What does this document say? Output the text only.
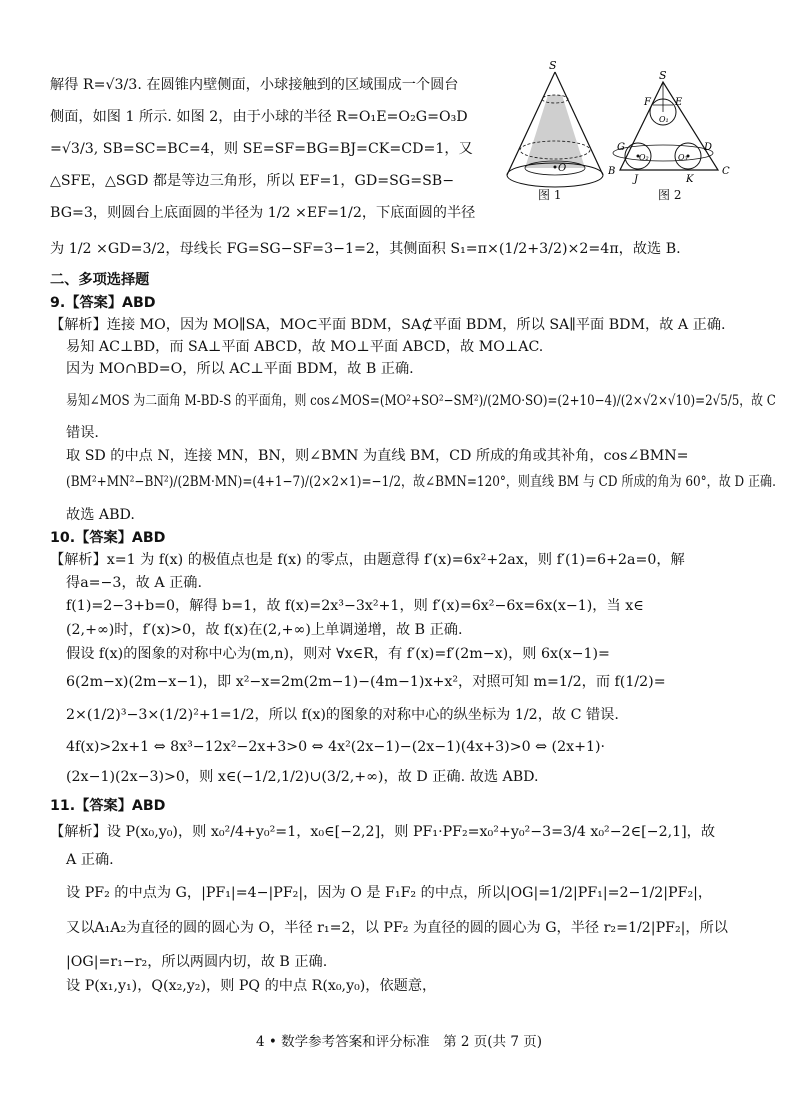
S
O
S
F E
O₁
G	D
O₂	O₃
B
J	K
C
图 1	图 2
解得 R=√3/3. 在圆锥内壁侧面，小球接触到的区域围成一个圆台
侧面，如图 1 所示. 如图 2，由于小球的半径 R=O₁E=O₂G=O₃D
=√3/3, SB=SC=BC=4，则 SE=SF=BG=BJ=CK=CD=1，又
△SFE，△SGD 都是等边三角形，所以 EF=1，GD=SG=SB−
BG=3，则圆台上底面圆的半径为 1/2 ×EF=1/2，下底面圆的半径
为 1/2 ×GD=3/2，母线长 FG=SG−SF=3−1=2，其侧面积 S₁=π×(1/2+3/2)×2=4π，故选 B.
二、多项选择题
9.【答案】ABD
【解析】连接 MO，因为 MO∥SA，MO⊂平面 BDM，SA⊄平面 BDM，所以 SA∥平面 BDM，故 A 正确.
易知 AC⊥BD，而 SA⊥平面 ABCD，故 MO⊥平面 ABCD，故 MO⊥AC.
因为 MO∩BD=O，所以 AC⊥平面 BDM，故 B 正确.
易知∠MOS 为二面角 M-BD-S 的平面角，则 cos∠MOS=(MO²+SO²−SM²)/(2MO·SO)=(2+10−4)/(2×√2×√10)=2√5/5，故 C
错误.
取 SD 的中点 N，连接 MN，BN，则∠BMN 为直线 BM，CD 所成的角或其补角，cos∠BMN=
(BM²+MN²−BN²)/(2BM·MN)=(4+1−7)/(2×2×1)=−1/2，故∠BMN=120°，则直线 BM 与 CD 所成的角为 60°，故 D 正确.
故选 ABD.
10.【答案】ABD
【解析】x=1 为 f(x) 的极值点也是 f(x) 的零点，由题意得 f′(x)=6x²+2ax，则 f′(1)=6+2a=0，解
得a=−3，故 A 正确.
f(1)=2−3+b=0，解得 b=1，故 f(x)=2x³−3x²+1，则 f′(x)=6x²−6x=6x(x−1)，当 x∈
(2,+∞)时，f′(x)>0，故 f(x)在(2,+∞)上单调递增，故 B 正确.
假设 f(x)的图象的对称中心为(m,n)，则对 ∀x∈R，有 f′(x)=f′(2m−x)，则 6x(x−1)=
6(2m−x)(2m−x−1)，即 x²−x=2m(2m−1)−(4m−1)x+x²，对照可知 m=1/2，而 f(1/2)=
2×(1/2)³−3×(1/2)²+1=1/2，所以 f(x)的图象的对称中心的纵坐标为 1/2，故 C 错误.
4f(x)>2x+1 ⇔ 8x³−12x²−2x+3>0 ⇔ 4x²(2x−1)−(2x−1)(4x+3)>0 ⇔ (2x+1)·
(2x−1)(2x−3)>0，则 x∈(−1/2,1/2)∪(3/2,+∞)，故 D 正确. 故选 ABD.
11.【答案】ABD
【解析】设 P(x₀,y₀)，则 x₀²/4+y₀²=1，x₀∈[−2,2]，则 PF₁·PF₂=x₀²+y₀²−3=3/4 x₀²−2∈[−2,1]，故
A 正确.
设 PF₂ 的中点为 G，|PF₁|=4−|PF₂|，因为 O 是 F₁F₂ 的中点，所以|OG|=1/2|PF₁|=2−1/2|PF₂|，
又以A₁A₂为直径的圆的圆心为 O，半径 r₁=2，以 PF₂ 为直径的圆的圆心为 G，半径 r₂=1/2|PF₂|，所以
|OG|=r₁−r₂，所以两圆内切，故 B 正确.
设 P(x₁,y₁)，Q(x₂,y₂)，则 PQ 的中点 R(x₀,y₀)，依题意，
4 • 数学参考答案和评分标准　第 2 页(共 7 页)
